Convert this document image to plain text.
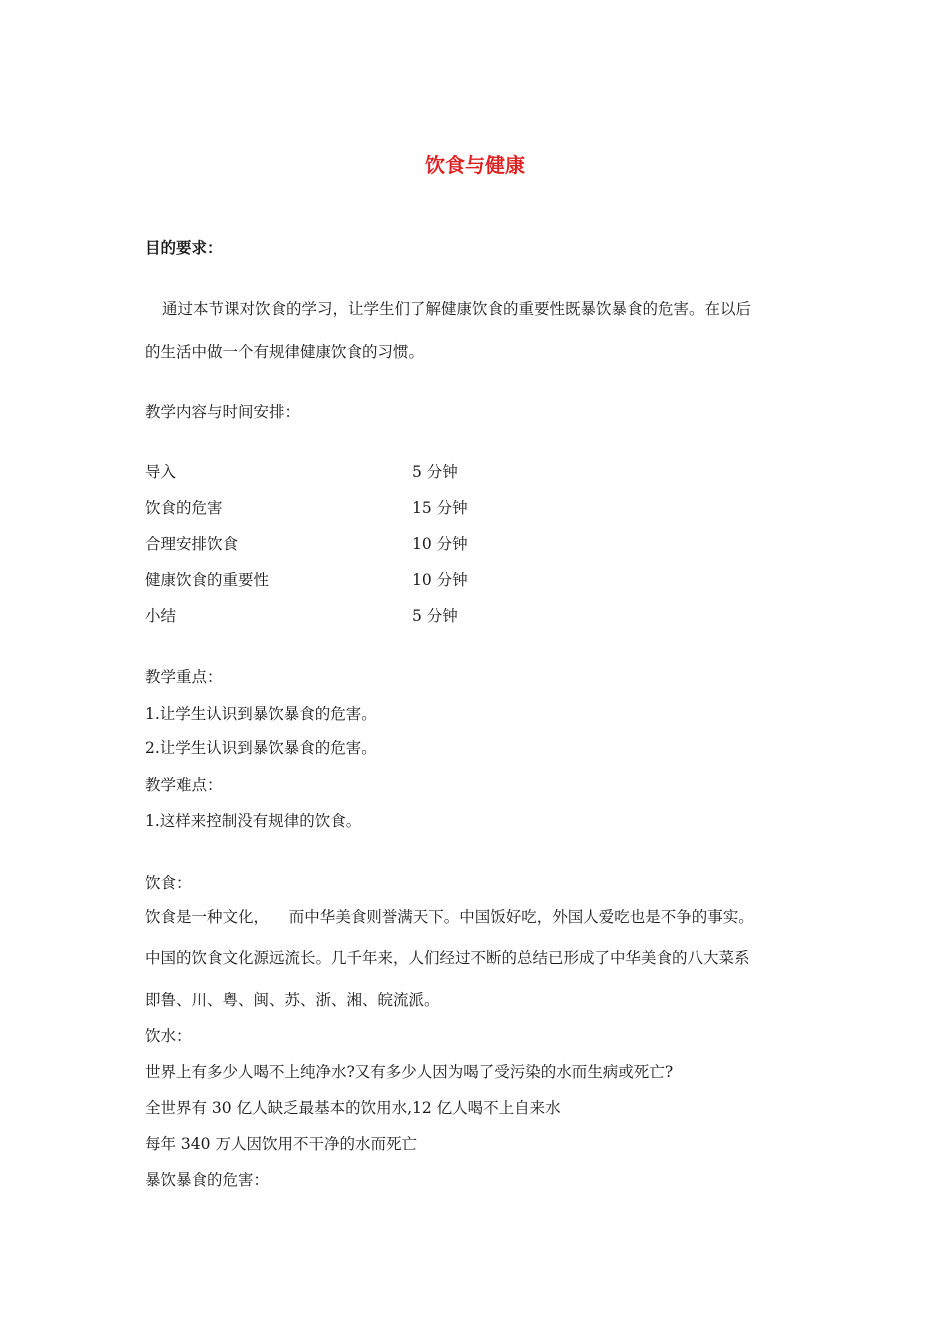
饮食与健康
目的要求：
通过本节课对饮食的学习，让学生们了解健康饮食的重要性既暴饮暴食的危害。在以后
的生活中做一个有规律健康饮食的习惯。
教学内容与时间安排：
导入	5 分钟
饮食的危害	15 分钟
合理安排饮食	10 分钟
健康饮食的重要性	10 分钟
小结	5 分钟
教学重点：
1.让学生认识到暴饮暴食的危害。
2.让学生认识到暴饮暴食的危害。
教学难点：
1.这样来控制没有规律的饮食。
饮食：
饮食是一种文化，    而中华美食则誉满天下。中国饭好吃，外国人爱吃也是不争的事实。
中国的饮食文化源远流长。几千年来，人们经过不断的总结已形成了中华美食的八大菜系
即鲁、川、粤、闽、苏、浙、湘、皖流派。
饮水：
世界上有多少人喝不上纯净水?又有多少人因为喝了受污染的水而生病或死亡?
全世界有 30 亿人缺乏最基本的饮用水,12 亿人喝不上自来水
每年 340 万人因饮用不干净的水而死亡
暴饮暴食的危害：
